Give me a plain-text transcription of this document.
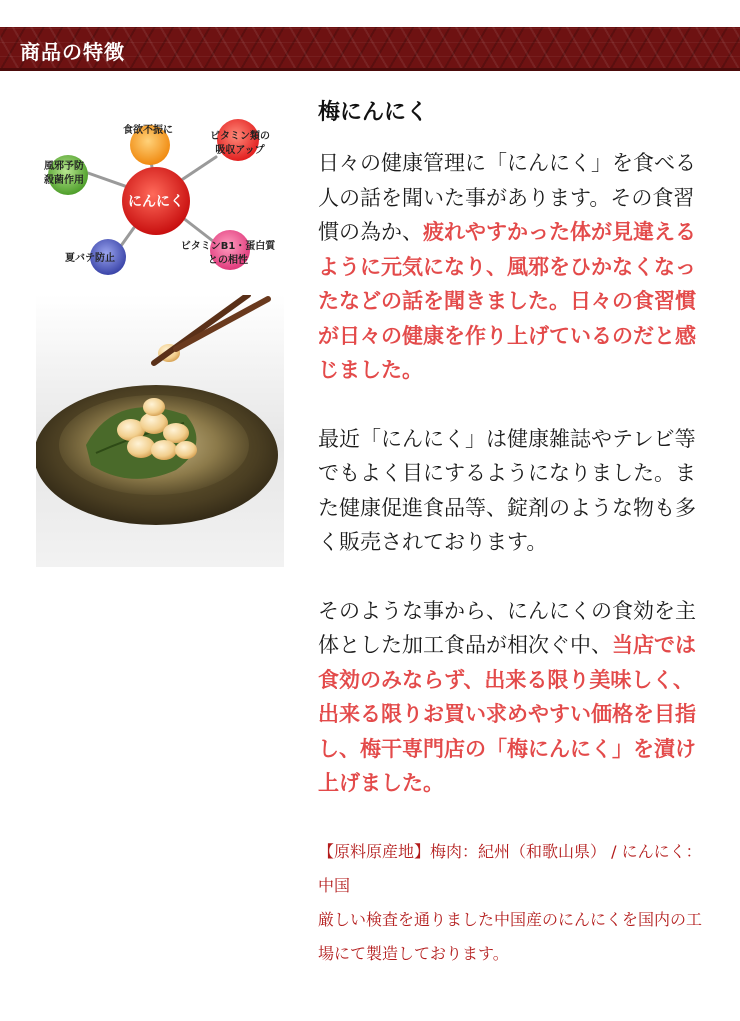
商品の特徴
にんにく
食欲不振に
ビタミン類の
吸収アップ
ビタミンB1・蛋白質
との相性
夏バテ防止
風邪予防
殺菌作用
梅にんにく

日々の健康管理に「にんにく」を食べる人の話を聞いた事があります。その食習慣の為か、疲れやすかった体が見違えるように元気になり、風邪をひかなくなったなどの話を聞きました。日々の食習慣が日々の健康を作り上げているのだと感じました。

最近「にんにく」は健康雑誌やテレビ等でもよく目にするようになりました。また健康促進食品等、錠剤のような物も多く販売されております。

そのような事から、にんにくの食効を主体とした加工食品が相次ぐ中、当店では食効のみならず、出来る限り美味しく、出来る限りお買い求めやすい価格を目指し、梅干専門店の「梅にんにく」を漬け上げました。

【原料原産地】梅肉：紀州（和歌山県） / にんにく：中国
厳しい検査を通りました中国産のにんにくを国内の工場にて製造しております。
